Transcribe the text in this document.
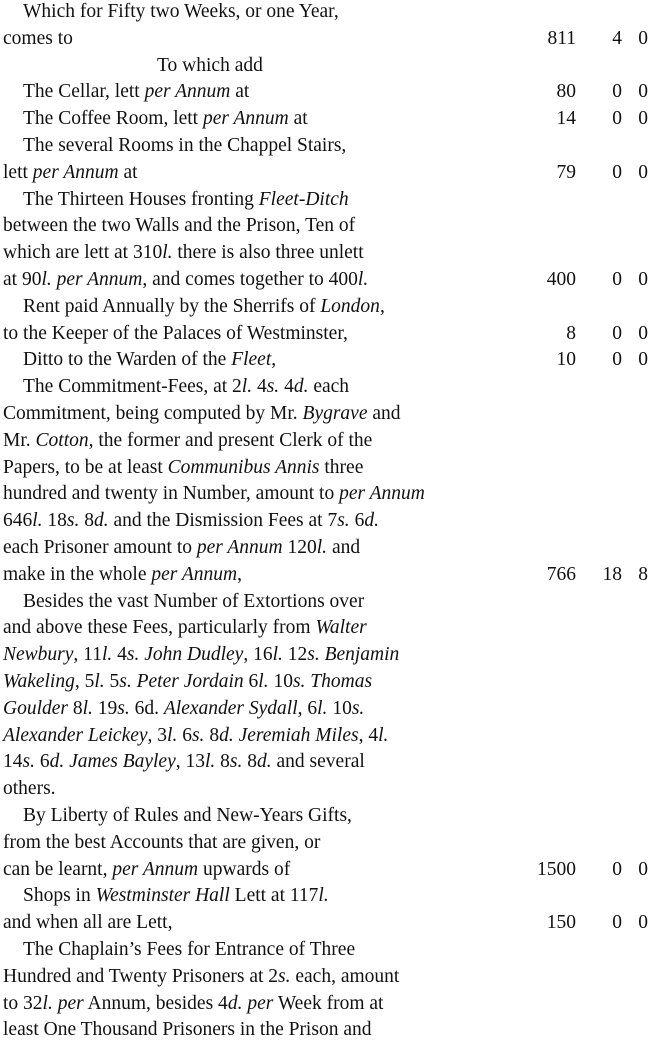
Which for Fifty two Weeks, or one Year,
comes to	811	4 0
To which add
The Cellar, lett per Annum at	80	0 0
The Coffee Room, lett per Annum at	14	0 0
The several Rooms in the Chappel Stairs,
lett per Annum at	79	0 0
The Thirteen Houses fronting Fleet-Ditch
between the two Walls and the Prison, Ten of
which are lett at 310l. there is also three unlett
at 90l. per Annum, and comes together to 400l.	400	0 0
Rent paid Annually by the Sherrifs of London,
to the Keeper of the Palaces of Westminster,	8	0 0
Ditto to the Warden of the Fleet,	10	0 0
The Commitment-Fees, at 2l. 4s. 4d. each
Commitment, being computed by Mr. Bygrave and
Mr. Cotton, the former and present Clerk of the
Papers, to be at least Communibus Annis three
hundred and twenty in Number, amount to per Annum
646l. 18s. 8d. and the Dismission Fees at 7s. 6d.
each Prisoner amount to per Annum 120l. and
make in the whole per Annum,	766	18 8
Besides the vast Number of Extortions over
and above these Fees, particularly from Walter
Newbury, 11l. 4s. John Dudley, 16l. 12s. Benjamin
Wakeling, 5l. 5s. Peter Jordain 6l. 10s. Thomas
Goulder 8l. 19s. 6d. Alexander Sydall, 6l. 10s.
Alexander Leickey, 3l. 6s. 8d. Jeremiah Miles, 4l.
14s. 6d. James Bayley, 13l. 8s. 8d. and several
others.
By Liberty of Rules and New-Years Gifts,
from the best Accounts that are given, or
can be learnt, per Annum upwards of	1500	0 0
Shops in Westminster Hall Lett at 117l.
and when all are Lett,	150	0 0
The Chaplain’s Fees for Entrance of Three
Hundred and Twenty Prisoners at 2s. each, amount
to 32l. per Annum, besides 4d. per Week from at
least One Thousand Prisoners in the Prison and
